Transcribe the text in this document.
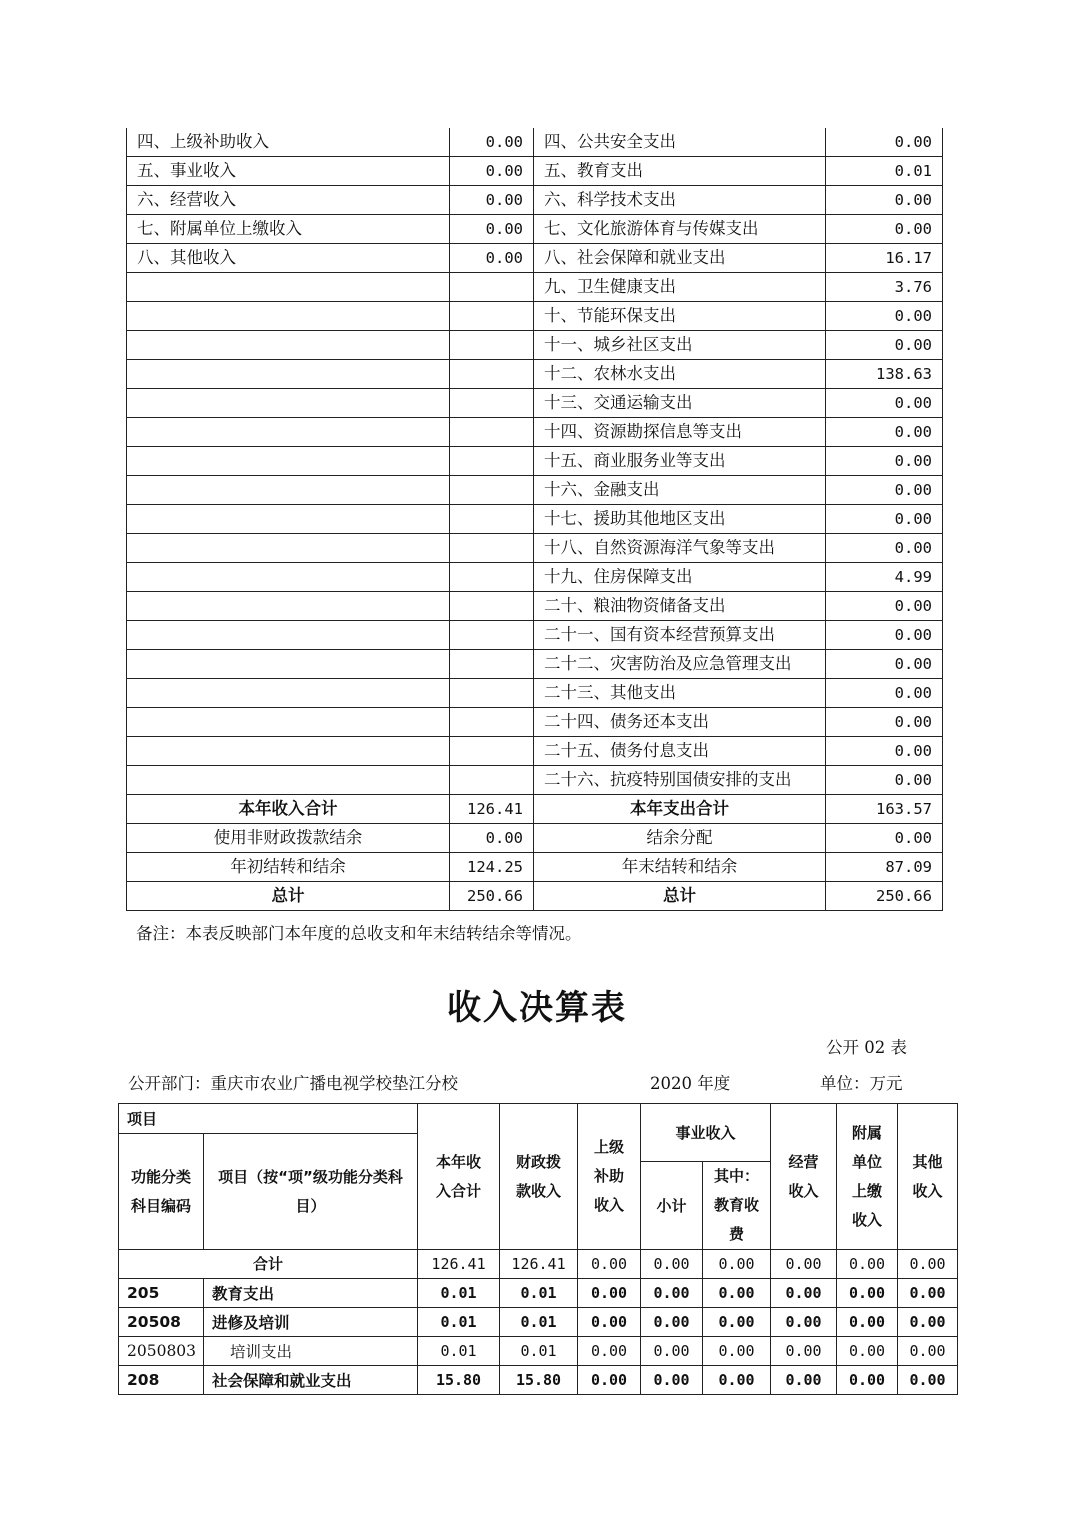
四、上级补助收入	0.00	四、公共安全支出	0.00
五、事业收入	0.00	五、教育支出	0.01
六、经营收入	0.00	六、科学技术支出	0.00
七、附属单位上缴收入	0.00	七、文化旅游体育与传媒支出	0.00
八、其他收入	0.00	八、社会保障和就业支出	16.17
		九、卫生健康支出	3.76
		十、节能环保支出	0.00
		十一、城乡社区支出	0.00
		十二、农林水支出	138.63
		十三、交通运输支出	0.00
		十四、资源勘探信息等支出	0.00
		十五、商业服务业等支出	0.00
		十六、金融支出	0.00
		十七、援助其他地区支出	0.00
		十八、自然资源海洋气象等支出	0.00
		十九、住房保障支出	4.99
		二十、粮油物资储备支出	0.00
		二十一、国有资本经营预算支出	0.00
		二十二、灾害防治及应急管理支出	0.00
		二十三、其他支出	0.00
		二十四、债务还本支出	0.00
		二十五、债务付息支出	0.00
		二十六、抗疫特别国债安排的支出	0.00
本年收入合计	126.41	本年支出合计	163.57
使用非财政拨款结余	0.00	结余分配	0.00
年初结转和结余	124.25	年末结转和结余	87.09
总计	250.66	总计	250.66
备注：本表反映部门本年度的总收支和年末结转结余等情况。
收入决算表
公开 02 表
公开部门：重庆市农业广播电视学校垫江分校	2020 年度	单位：万元
项目		本年收入合计	财政拨款收入	上级补助收入	事业收入		经营收入	附属单位上缴收入	其他收入

功能分类科目编码	项目（按“项”级功能分类科目）								

					小计	其中：教育收费			

合计		126.41	126.41	0.00	0.00	0.00	0.00	0.00	0.00
205	教育支出	0.01	0.01	0.00	0.00	0.00	0.00	0.00	0.00
20508	进修及培训	0.01	0.01	0.00	0.00	0.00	0.00	0.00	0.00
2050803	培训支出	0.01	0.01	0.00	0.00	0.00	0.00	0.00	0.00
208	社会保障和就业支出	15.80	15.80	0.00	0.00	0.00	0.00	0.00	0.00
